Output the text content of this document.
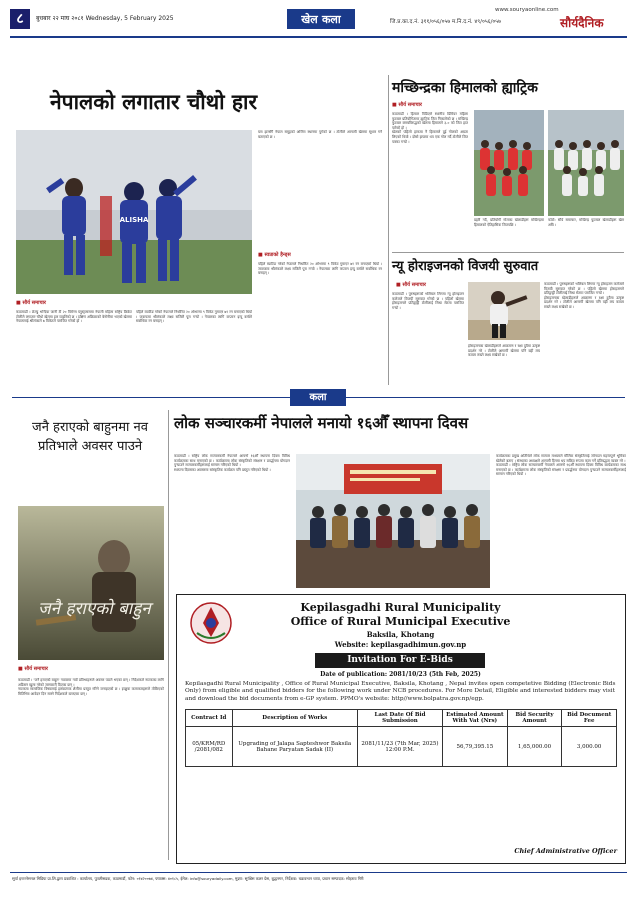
८	बुधबार २२ माघ २०८१ Wednesday, 5 February 2025	खेल कला
www.souryaonline.com
जि.प्र.का.द.नं. ३११/०५६/०५७ म.नि.द.नं. ४९/०५६/०५७	सौर्यदैनिक
नेपालको लगातार चौथो हार
ALISHA
■ सौर्य समाचार

काठमाडौं । फ्रेण्डु भन्दिया जानी टी २० विमेन्स ब्लुस्ट्रलासमा नेपाली महिला राष्ट्रिय क्रिकेट टोलीले लगातार चौथो खेलमा हार व्यहोरेको छ । दक्षिण अफ्रिकाको बेनोनीमा भएको खेलमा नेपाललाई श्रीलंकाले ७ विकेटले पराजित गरेको हो ।

पहिले ब्याटिङ गरेको नेपालले निर्धारित २० ओभरमा ९ विकेट गुमाएर ७१ रन बनाएको थियो । जवाफमा श्रीलंकाले लक्ष्य सजिलै पूरा गर्‍यो । नेपालका लागि कप्तान इन्दु बर्माले सर्वाधिक रन बनाइन् ।

यस हारसँगै नेपाल समूहको अन्तिम स्थानमा पुगेको छ । टोलीले आगामी खेलमा सुधार गर्ने बताएको छ ।

■ स्वप्नाको हैन्ड्स

पहिले ब्याटिङ गरेको नेपालले निर्धारित २० ओभरमा ९ विकेट गुमाएर ७१ रन बनाएको थियो । जवाफमा श्रीलंकाले लक्ष्य सजिलै पूरा गर्‍यो । नेपालका लागि कप्तान इन्दु बर्माले सर्वाधिक रन बनाइन् ।

मच्छिन्द्रका हिमालको ह्याट्रिक
■ सौर्य समाचार

काठमाडौं । हिमाल पिडिएले स्थानीय प्रिमियर महिला फुटबल प्रतियोगितामा ह्याट्रिक जित निकालेको छ । मच्छिन्द्र फुटबल क्लबविरुद्धको खेलमा हिमालले ३-० को जित हात पारेको हो ।

खेलको पहिलो हाफमा नै हिमालले दुई गोलको अग्रता लिएको थियो । दोस्रो हाफमा थप एक गोल गर्दै टोलीले जित पक्का गर्‍यो ।

प्रहरी गर्दै, प्रतियोगी गोलका खेलाडीहरू मच्छिन्द्रमा हिमालको ऐतिहासिक जितपछि ।
फोटो: सौर्य समाचार, मच्छिन्द्र फुटबल खेलाडीहरू खेल अघि ।
न्यू होराइजनको विजयी सुरुवात
■ सौर्य समाचार

काठमाडौं । पुरुषहरूको भलिबल लिगमा न्यू होराइजन कलेजले विजयी सुरुवात गरेको छ । पहिलो खेलमा होराइजनले प्रतिद्वन्द्वी टोलीलाई सिधा सेटमा पराजित गर्‍यो ।

होराइजनका खेलाडीहरूले आक्रमण र रक्षा दुवैमा उत्कृष्ट प्रदर्शन गरे । टोलीले आगामी खेलमा पनि यही लय कायम राख्ने लक्ष्य राखेको छ ।

काठमाडौं । पुरुषहरूको भलिबल लिगमा न्यू होराइजन कलेजले विजयी सुरुवात गरेको छ । पहिलो खेलमा होराइजनले प्रतिद्वन्द्वी टोलीलाई सिधा सेटमा पराजित गर्‍यो ।

होराइजनका खेलाडीहरूले आक्रमण र रक्षा दुवैमा उत्कृष्ट प्रदर्शन गरे । टोलीले आगामी खेलमा पनि यही लय कायम राख्ने लक्ष्य राखेको छ ।

कला
जनै हराएको बाहुनमा नव प्रतिभाले अवसर पाउने
जनै हराएको बाहुन
■ सौर्य समाचार

काठमाडौं । 'जनै हराएको बाहुन' नाटकमा नयाँ प्रतिभाहरूले अवसर पाउने भएका छन् । निर्देशकले नाटकका लागि अडिसन खुला गरेको जानकारी दिएका छन् ।

नाटकमा सामाजिक विषयलाई हास्यात्मक शैलीमा प्रस्तुत गरिने जनाइएको छ । इच्छुक कलाकारहरूले तोकिएको मितिभित्र आवेदन दिन सक्ने निर्देशकले बताएका छन् ।

लोक सञ्चारकर्मी नेपालले मनायो १६औँ स्थापना दिवस

काठमाडौं । राष्ट्रिय लोक सञ्चारकर्मी नेपालले आफ्नो १६औँ स्थापना दिवस विविध कार्यक्रमका साथ मनाएको छ । कार्यक्रममा लोक संस्कृतिको संरक्षण र प्रवर्द्धनमा योगदान पुर्‍याउने सञ्चारकर्मीहरूलाई सम्मान गरिएको थियो ।

स्थापना दिवसका अवसरमा सांस्कृतिक कार्यक्रम पनि प्रस्तुत गरिएको थियो ।

कार्यक्रमका प्रमुख अतिथिले लोक सञ्चार माध्यमले मौलिक संस्कृतिलाई जोगाउन महत्त्वपूर्ण भूमिका खेलेको बताए । संस्थाका अध्यक्षले आगामी दिनमा थप सक्रिय रूपमा काम गर्ने प्रतिबद्धता व्यक्त गरे ।

काठमाडौं । राष्ट्रिय लोक सञ्चारकर्मी नेपालले आफ्नो १६औँ स्थापना दिवस विविध कार्यक्रमका साथ मनाएको छ । कार्यक्रममा लोक संस्कृतिको संरक्षण र प्रवर्द्धनमा योगदान पुर्‍याउने सञ्चारकर्मीहरूलाई सम्मान गरिएको थियो ।

Kepilasgadhi Rural Municipality
Office of Rural Municipal Executive
Baksila, Khotang
Website: kepilasgadhimun.gov.np
Invitation For E-Bids
Date of publication: 2081/10/23 (5th Feb, 2025)
Kepilasgadhi Rural Municipality , Office of Rural Municipal Executive, Baksila, Khotang , Nepal invites open competetive Bidding (Electronic Bids Only) from eligible and qualified bidders for the following work under NCB procedures. For More Detail, Eligible and interested bidders may visit and download the bid documents from e-GP system. PPMO's website: http//www.bolpatra.gov.np/egp.
Contract Id	Description of Works	Last Date Of Bid Submission	Estimated Amount With Vat (Nrs)	Bid Security Amount	Bid Document Fee
05/KRM/RD /2081/082	Upgrading of Jalapa Sapteshwor Baksila Bahane Paryatan Sadak (II)	2081/11/23 (7th Mar, 2025) 12:00 P.M.	56,79,395.15	1,65,000.00	3,000.00
Chief Administrative Officer
सूर्या इन्टरनेसनल मिडिया प्रा.लि.द्वारा प्रकाशित : कार्यालय, पुतलीसडक, काठमाडौं, फोन: ०१४२००७४, फ्याक्स: ४०१८५, ईमेल: info@souryadaily.com, मुद्रण: सूर्यबेस कलर प्रेस, बुद्धनगर, निर्देशक: चक्रवन्धन थापा, प्रधान सम्पादक: सोहराव गिरी
